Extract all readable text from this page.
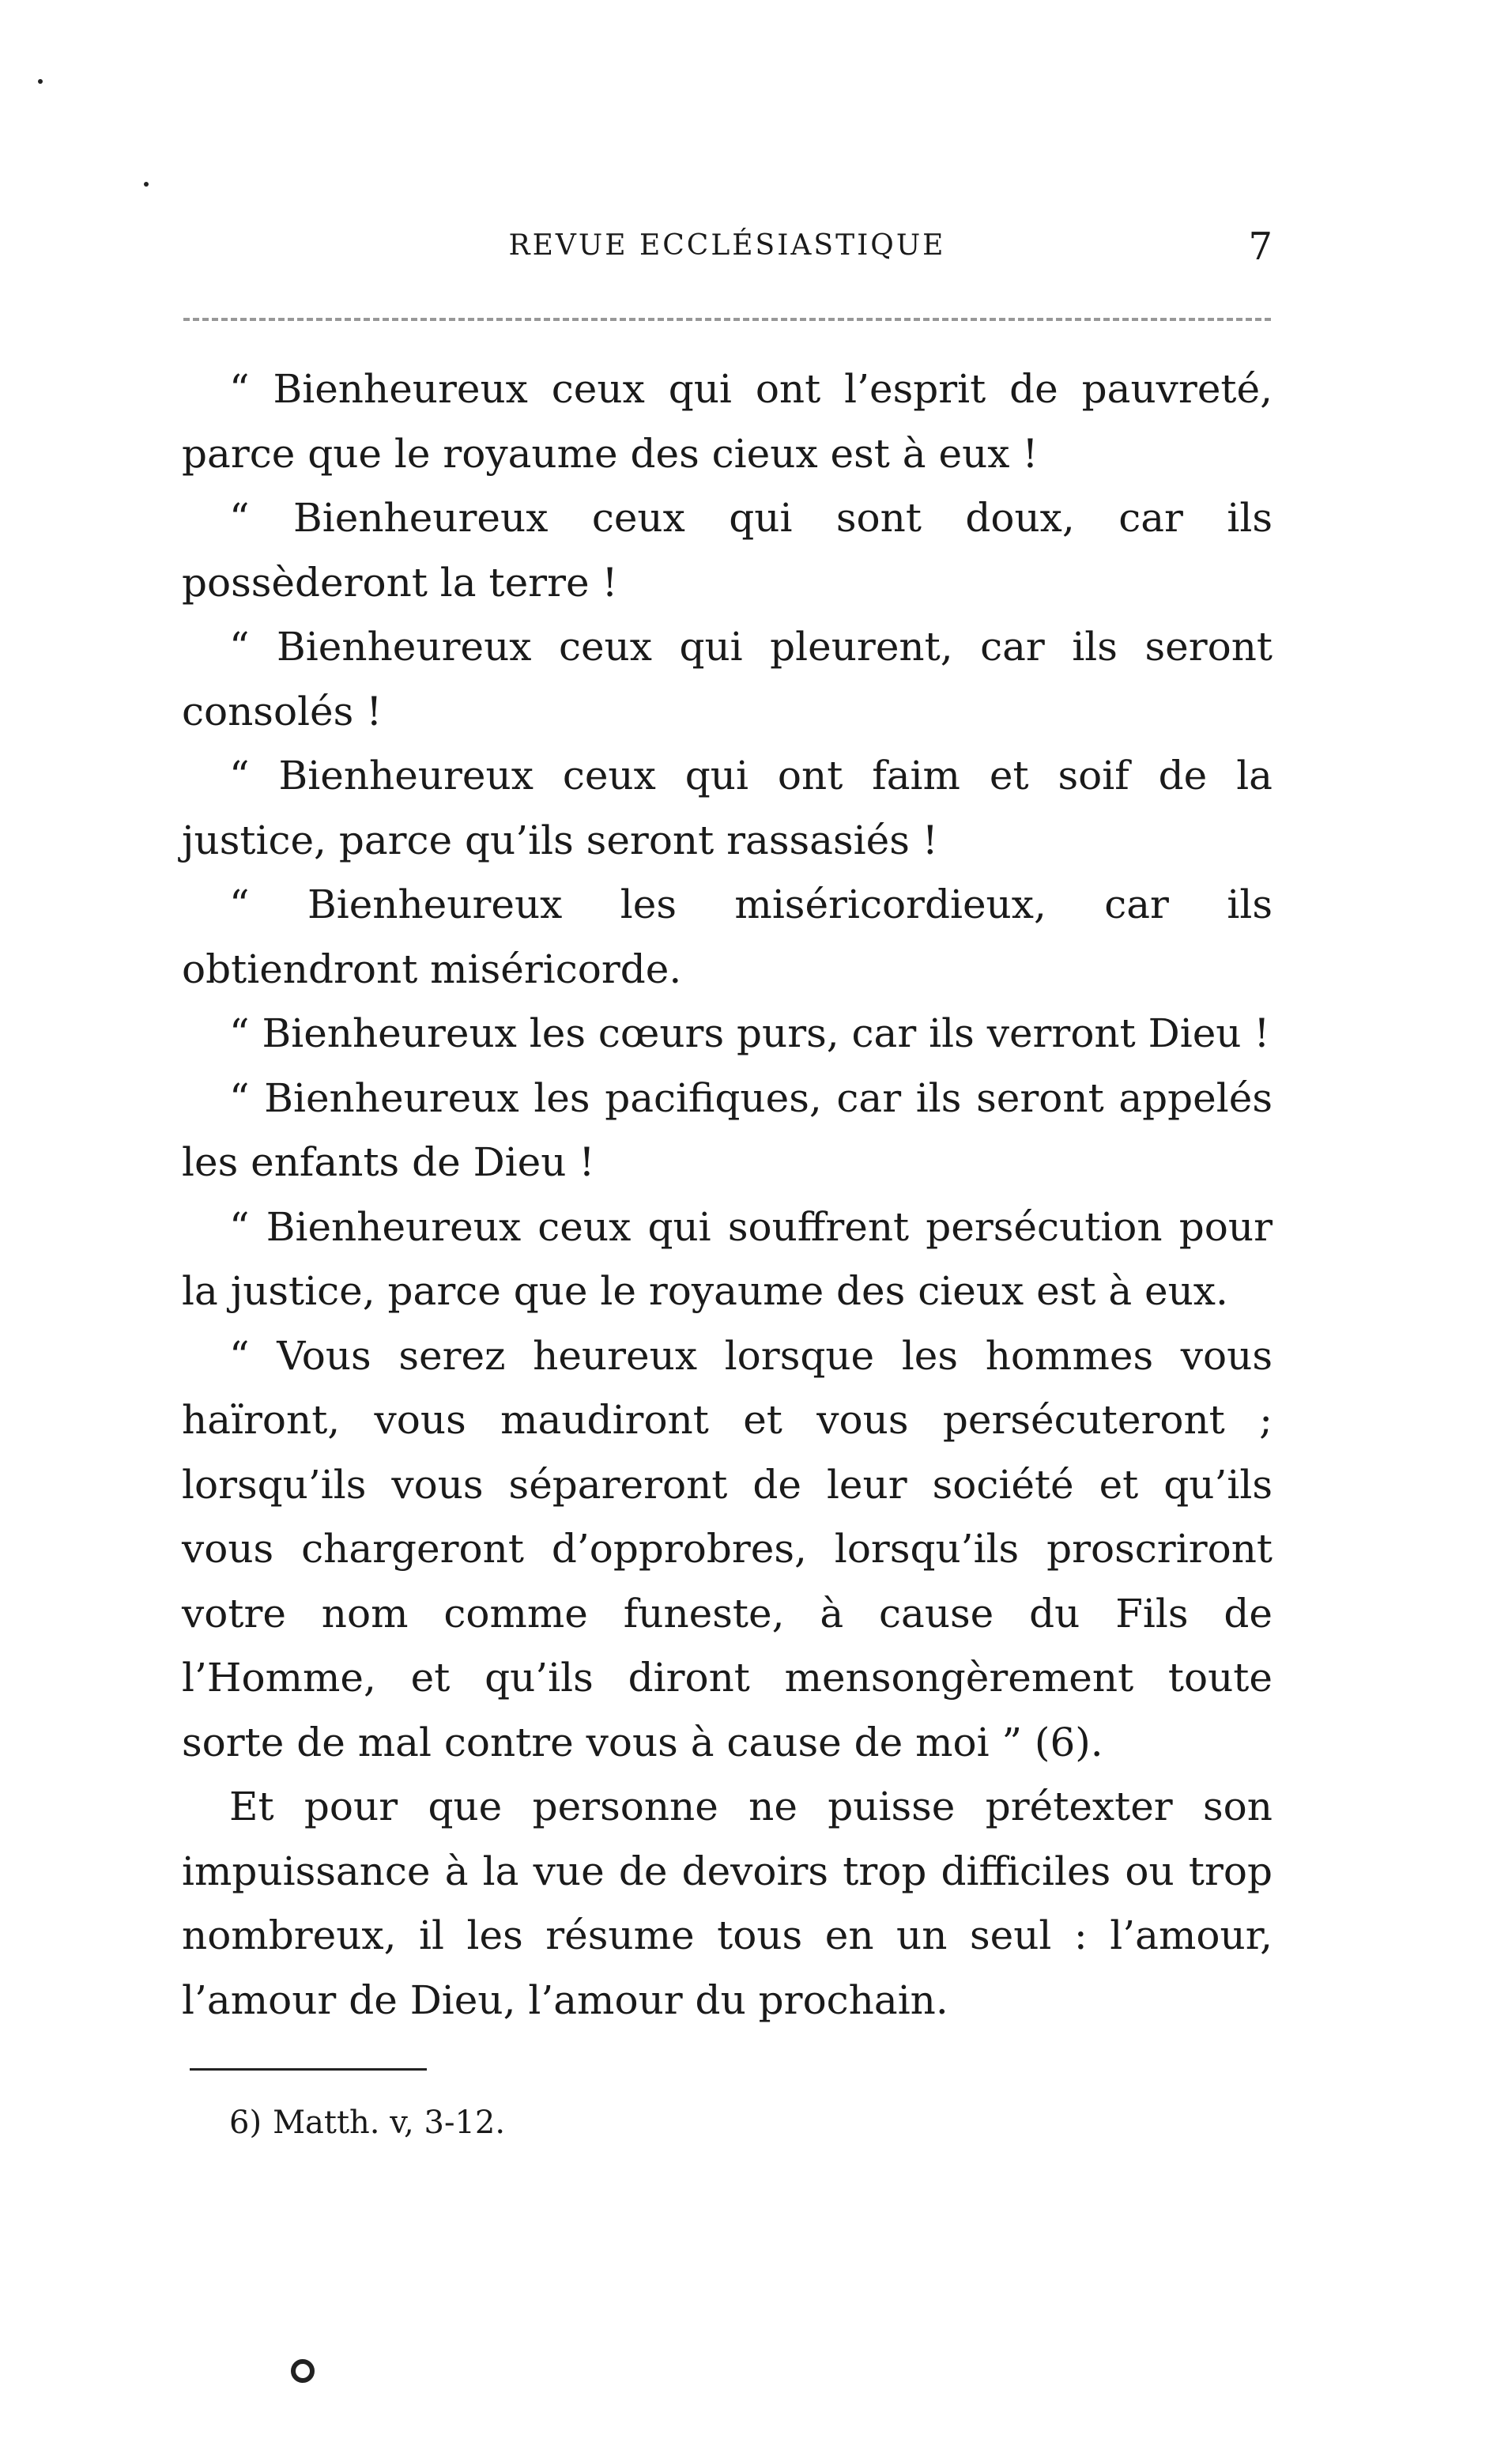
REVUE ECCLÉSIASTIQUE	7

“ Bienheureux ceux qui ont l’esprit de pauvreté, parce que le royaume des cieux est à eux !

“ Bienheureux ceux qui sont doux, car ils possèderont la terre !

“ Bienheureux ceux qui pleurent, car ils seront consolés !

“ Bienheureux ceux qui ont faim et soif de la justice, parce qu’ils seront rassasiés !

“ Bienheureux les miséricordieux, car ils obtiendront miséricorde.

“ Bienheureux les cœurs purs, car ils verront Dieu !

“ Bienheureux les pacifiques, car ils seront appelés les enfants de Dieu !

“ Bienheureux ceux qui souffrent persécution pour la justice, parce que le royaume des cieux est à eux.

“ Vous serez heureux lorsque les hommes vous haïront, vous maudiront et vous persécuteront ; lorsqu’ils vous sépareront de leur société et qu’ils vous chargeront d’opprobres, lorsqu’ils proscriront votre nom comme funeste, à cause du Fils de l’Homme, et qu’ils diront mensongèrement toute sorte de mal contre vous à cause de moi ” (6).

Et pour que personne ne puisse prétexter son impuissance à la vue de devoirs trop difficiles ou trop nombreux, il les résume tous en un seul : l’amour, l’amour de Dieu, l’amour du prochain.

6) Matth. v, 3-12.
